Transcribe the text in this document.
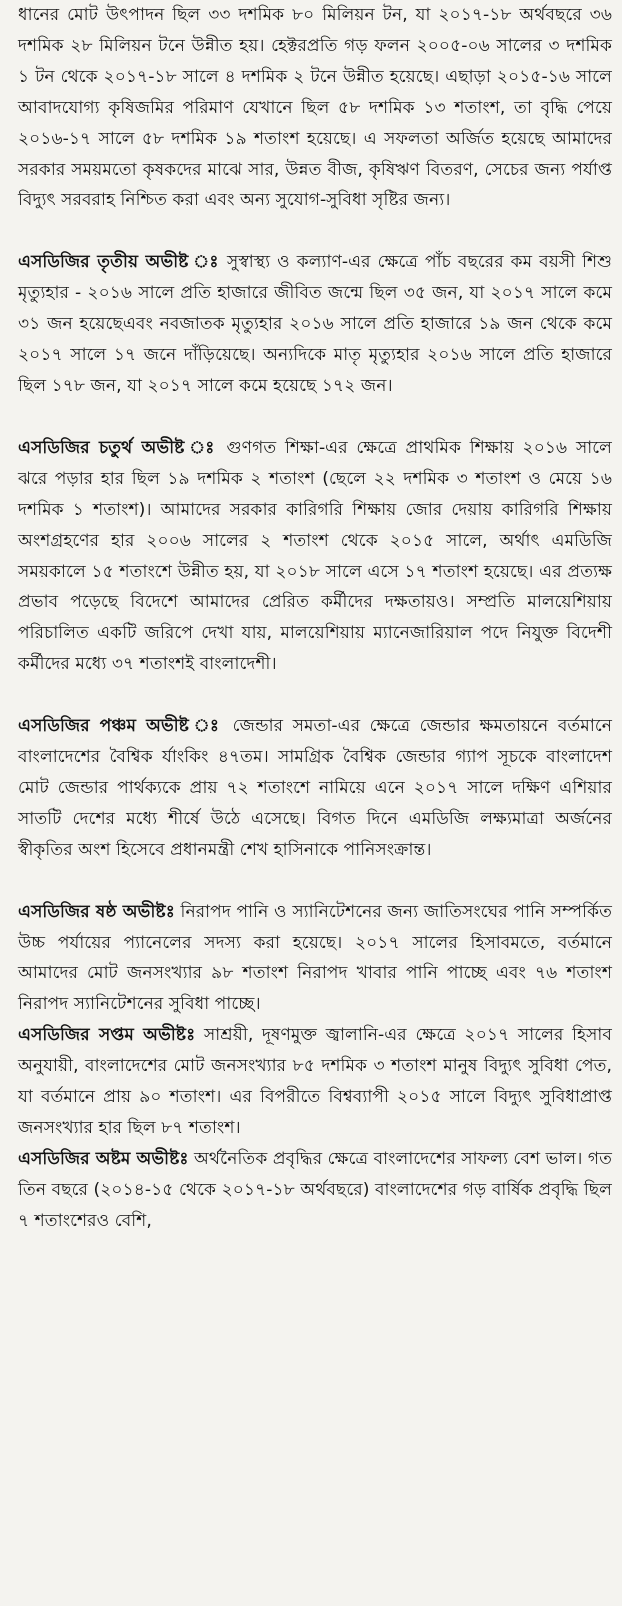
ধানের মোট উৎপাদন ছিল ৩৩ দশমিক ৮০ মিলিয়ন টন, যা ২০১৭-১৮ অর্থবছরে ৩৬ দশমিক ২৮ মিলিয়ন টনে উন্নীত হয়। হেক্টরপ্রতি গড় ফলন ২০০৫-০৬ সালের ৩ দশমিক ১ টন থেকে ২০১৭-১৮ সালে ৪ দশমিক ২ টনে উন্নীত হয়েছে। এছাড়া ২০১৫-১৬ সালে আবাদযোগ্য কৃষিজমির পরিমাণ যেখানে ছিল ৫৮ দশমিক ১৩ শতাংশ, তা বৃদ্ধি পেয়ে ২০১৬-১৭ সালে ৫৮ দশমিক ১৯ শতাংশ হয়েছে। এ সফলতা অর্জিত হয়েছে আমাদের সরকার সময়মতো কৃষকদের মাঝে সার, উন্নত বীজ, কৃষিঋণ বিতরণ, সেচের জন্য পর্যাপ্ত বিদ্যুৎ সরবরাহ নিশ্চিত করা এবং অন্য সুযোগ-সুবিধা সৃষ্টির জন্য।

এসডিজির তৃতীয় অভীষ্ট ঃ সুস্বাস্থ্য ও কল্যাণ-এর ক্ষেত্রে পাঁচ বছরের কম বয়সী শিশু মৃত্যুহার - ২০১৬ সালে প্রতি হাজারে জীবিত জন্মে ছিল ৩৫ জন, যা ২০১৭ সালে কমে ৩১ জন হয়েছেএবং নবজাতক মৃত্যুহার ২০১৬ সালে প্রতি হাজারে ১৯ জন থেকে কমে ২০১৭ সালে ১৭ জনে দাঁড়িয়েছে। অন্যদিকে মাতৃ মৃত্যুহার ২০১৬ সালে প্রতি হাজারে ছিল ১৭৮ জন, যা ২০১৭ সালে কমে হয়েছে ১৭২ জন।

এসডিজির চতুর্থ অভীষ্ট ঃ গুণগত শিক্ষা-এর ক্ষেত্রে প্রাথমিক শিক্ষায় ২০১৬ সালে ঝরে পড়ার হার ছিল ১৯ দশমিক ২ শতাংশ (ছেলে ২২ দশমিক ৩ শতাংশ ও মেয়ে ১৬ দশমিক ১ শতাংশ)। আমাদের সরকার কারিগরি শিক্ষায় জোর দেয়ায় কারিগরি শিক্ষায় অংশগ্রহণের হার ২০০৬ সালের ২ শতাংশ থেকে ২০১৫ সালে, অর্থাৎ এমডিজি সময়কালে ১৫ শতাংশে উন্নীত হয়, যা ২০১৮ সালে এসে ১৭ শতাংশ হয়েছে। এর প্রত্যক্ষ প্রভাব পড়েছে বিদেশে আমাদের প্রেরিত কর্মীদের দক্ষতায়ও। সম্প্রতি মালয়েশিয়ায় পরিচালিত একটি জরিপে দেখা যায়, মালয়েশিয়ায় ম্যানেজারিয়াল পদে নিযুক্ত বিদেশী কর্মীদের মধ্যে ৩৭ শতাংশই বাংলাদেশী।

এসডিজির পঞ্চম অভীষ্ট ঃ জেন্ডার সমতা-এর ক্ষেত্রে জেন্ডার ক্ষমতায়নে বর্তমানে বাংলাদেশের বৈশ্বিক র্যাংকিং ৪৭তম। সামগ্রিক বৈশ্বিক জেন্ডার গ্যাপ সূচকে বাংলাদেশ মোট জেন্ডার পার্থক্যকে প্রায় ৭২ শতাংশে নামিয়ে এনে ২০১৭ সালে দক্ষিণ এশিয়ার সাতটি দেশের মধ্যে শীর্ষে উঠে এসেছে। বিগত দিনে এমডিজি লক্ষ্যমাত্রা অর্জনের স্বীকৃতির অংশ হিসেবে প্রধানমন্ত্রী শেখ হাসিনাকে পানিসংক্রান্ত।

এসডিজির ষষ্ঠ অভীষ্টঃ নিরাপদ পানি ও স্যানিটেশনের জন্য জাতিসংঘের পানি সম্পর্কিত উচ্চ পর্যায়ের প্যানেলের সদস্য করা হয়েছে। ২০১৭ সালের হিসাবমতে, বর্তমানে আমাদের মোট জনসংখ্যার ৯৮ শতাংশ নিরাপদ খাবার পানি পাচ্ছে এবং ৭৬ শতাংশ নিরাপদ স্যানিটেশনের সুবিধা পাচ্ছে।

এসডিজির সপ্তম অভীষ্টঃ সাশ্রয়ী, দূষণমুক্ত জ্বালানি-এর ক্ষেত্রে ২০১৭ সালের হিসাব অনুযায়ী, বাংলাদেশের মোট জনসংখ্যার ৮৫ দশমিক ৩ শতাংশ মানুষ বিদ্যুৎ সুবিধা পেত, যা বর্তমানে প্রায় ৯০ শতাংশ। এর বিপরীতে বিশ্বব্যাপী ২০১৫ সালে বিদ্যুৎ সুবিধাপ্রাপ্ত জনসংখ্যার হার ছিল ৮৭ শতাংশ।

এসডিজির অষ্টম অভীষ্টঃ অর্থনৈতিক প্রবৃদ্ধির ক্ষেত্রে বাংলাদেশের সাফল্য বেশ ভাল। গত তিন বছরে (২০১৪-১৫ থেকে ২০১৭-১৮ অর্থবছরে) বাংলাদেশের গড় বার্ষিক প্রবৃদ্ধি ছিল ৭ শতাংশেরও বেশি,
